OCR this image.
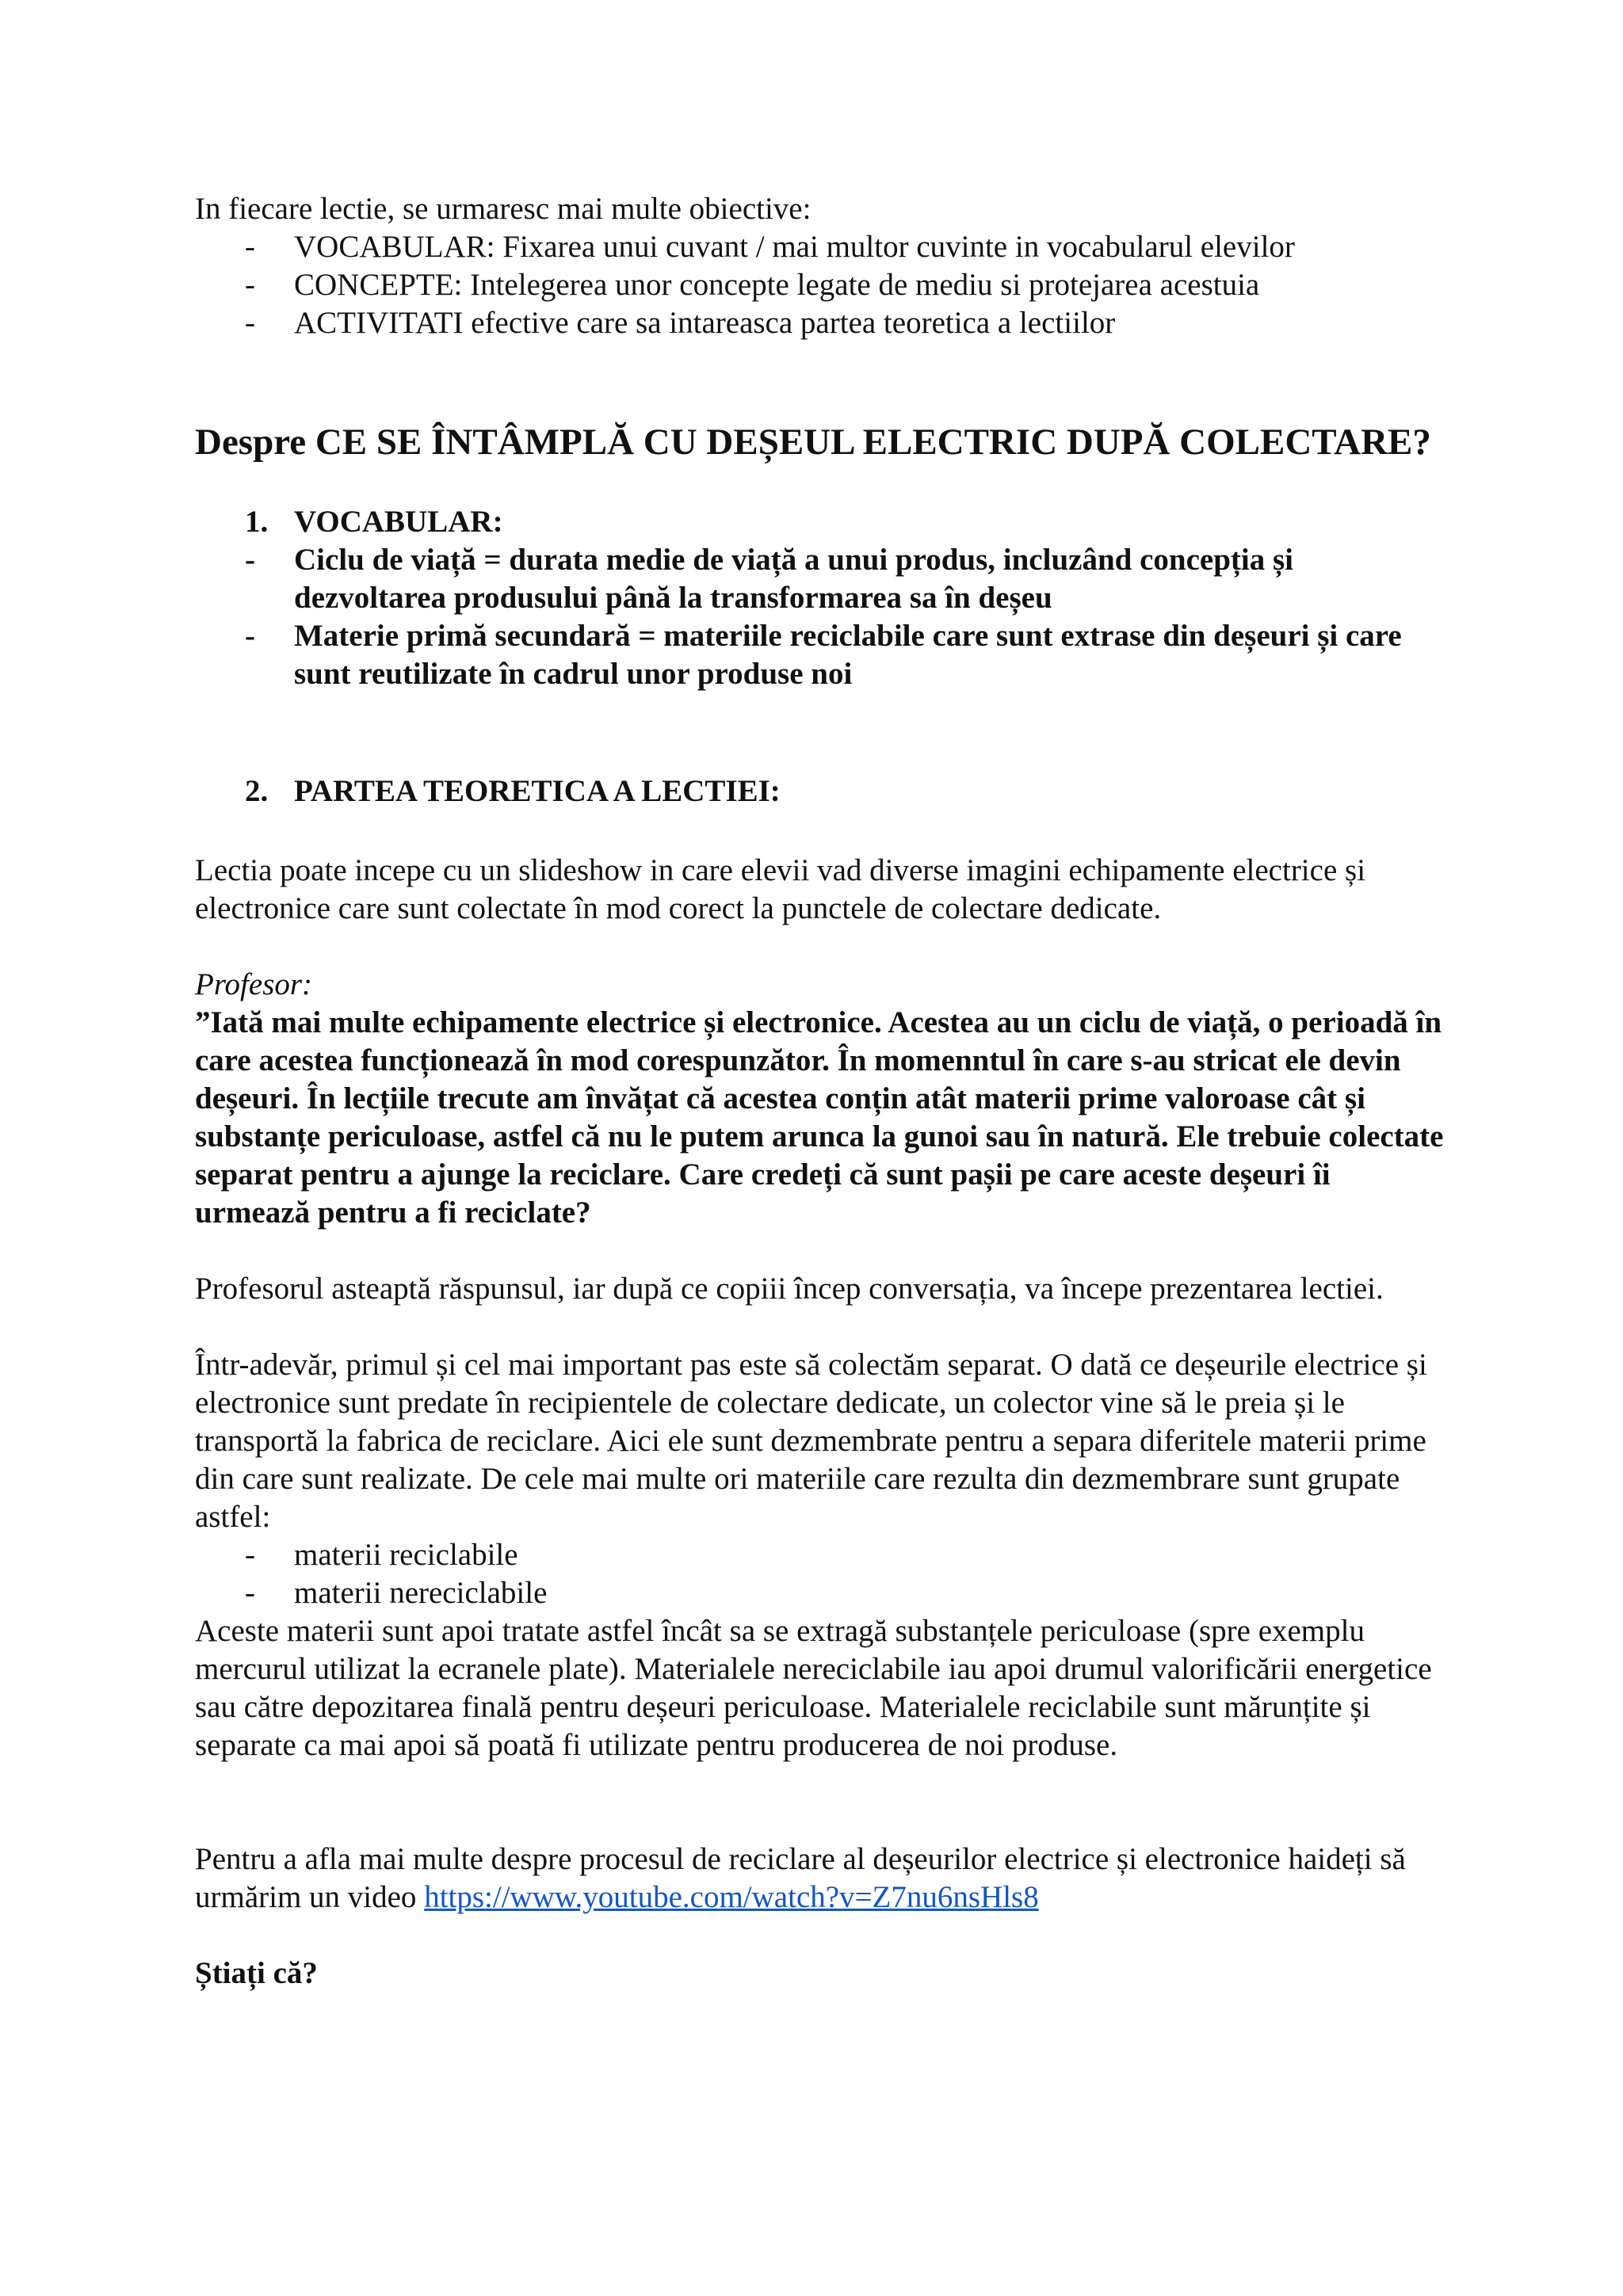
In fiecare lectie, se urmaresc mai multe obiective:

- VOCABULAR: Fixarea unui cuvant / mai multor cuvinte in vocabularul elevilor
- CONCEPTE: Intelegerea unor concepte legate de mediu si protejarea acestuia
- ACTIVITATI efective care sa intareasca partea teoretica a lectiilor

Despre CE SE ÎNTÂMPLĂ CU DEȘEUL ELECTRIC DUPĂ COLECTARE?

1. VOCABULAR:
- Ciclu de viață = durata medie de viață a unui produs, incluzând concepția și dezvoltarea produsului până la transformarea sa în deșeu
- Materie primă secundară = materiile reciclabile care sunt extrase din deșeuri și care sunt reutilizate în cadrul unor produse noi
2. PARTEA TEORETICA A LECTIEI:

Lectia poate incepe cu un slideshow in care elevii vad diverse imagini echipamente electrice și electronice care sunt colectate în mod corect la punctele de colectare dedicate.

Profesor:

”Iată mai multe echipamente electrice și electronice. Acestea au un ciclu de viață, o perioadă în care acestea funcționează în mod corespunzător. În momenntul în care s-au stricat ele devin deșeuri. În lecțiile trecute am învățat că acestea conțin atât materii prime valoroase cât și substanțe periculoase, astfel că nu le putem arunca la gunoi sau în natură. Ele trebuie colectate separat pentru a ajunge la reciclare. Care credeți că sunt pașii pe care aceste deșeuri îi urmează pentru a fi reciclate?

Profesorul asteaptă răspunsul, iar după ce copiii încep conversația, va începe prezentarea lectiei.

Într-adevăr, primul și cel mai important pas este să colectăm separat. O dată ce deșeurile electrice și electronice sunt predate în recipientele de colectare dedicate, un colector vine să le preia și le transportă la fabrica de reciclare. Aici ele sunt dezmembrate pentru a separa diferitele materii prime din care sunt realizate. De cele mai multe ori materiile care rezulta din dezmembrare sunt grupate astfel:

- materii reciclabile
- materii nereciclabile

Aceste materii sunt apoi tratate astfel încât sa se extragă substanțele periculoase (spre exemplu mercurul utilizat la ecranele plate). Materialele nereciclabile iau apoi drumul valorificării energetice sau către depozitarea finală pentru deșeuri periculoase. Materialele reciclabile sunt mărunțite și separate ca mai apoi să poată fi utilizate pentru producerea de noi produse.

Pentru a afla mai multe despre procesul de reciclare al deșeurilor electrice și electronice haideți să urmărim un video https://www.youtube.com/watch?v=Z7nu6nsHls8

Știați că?
